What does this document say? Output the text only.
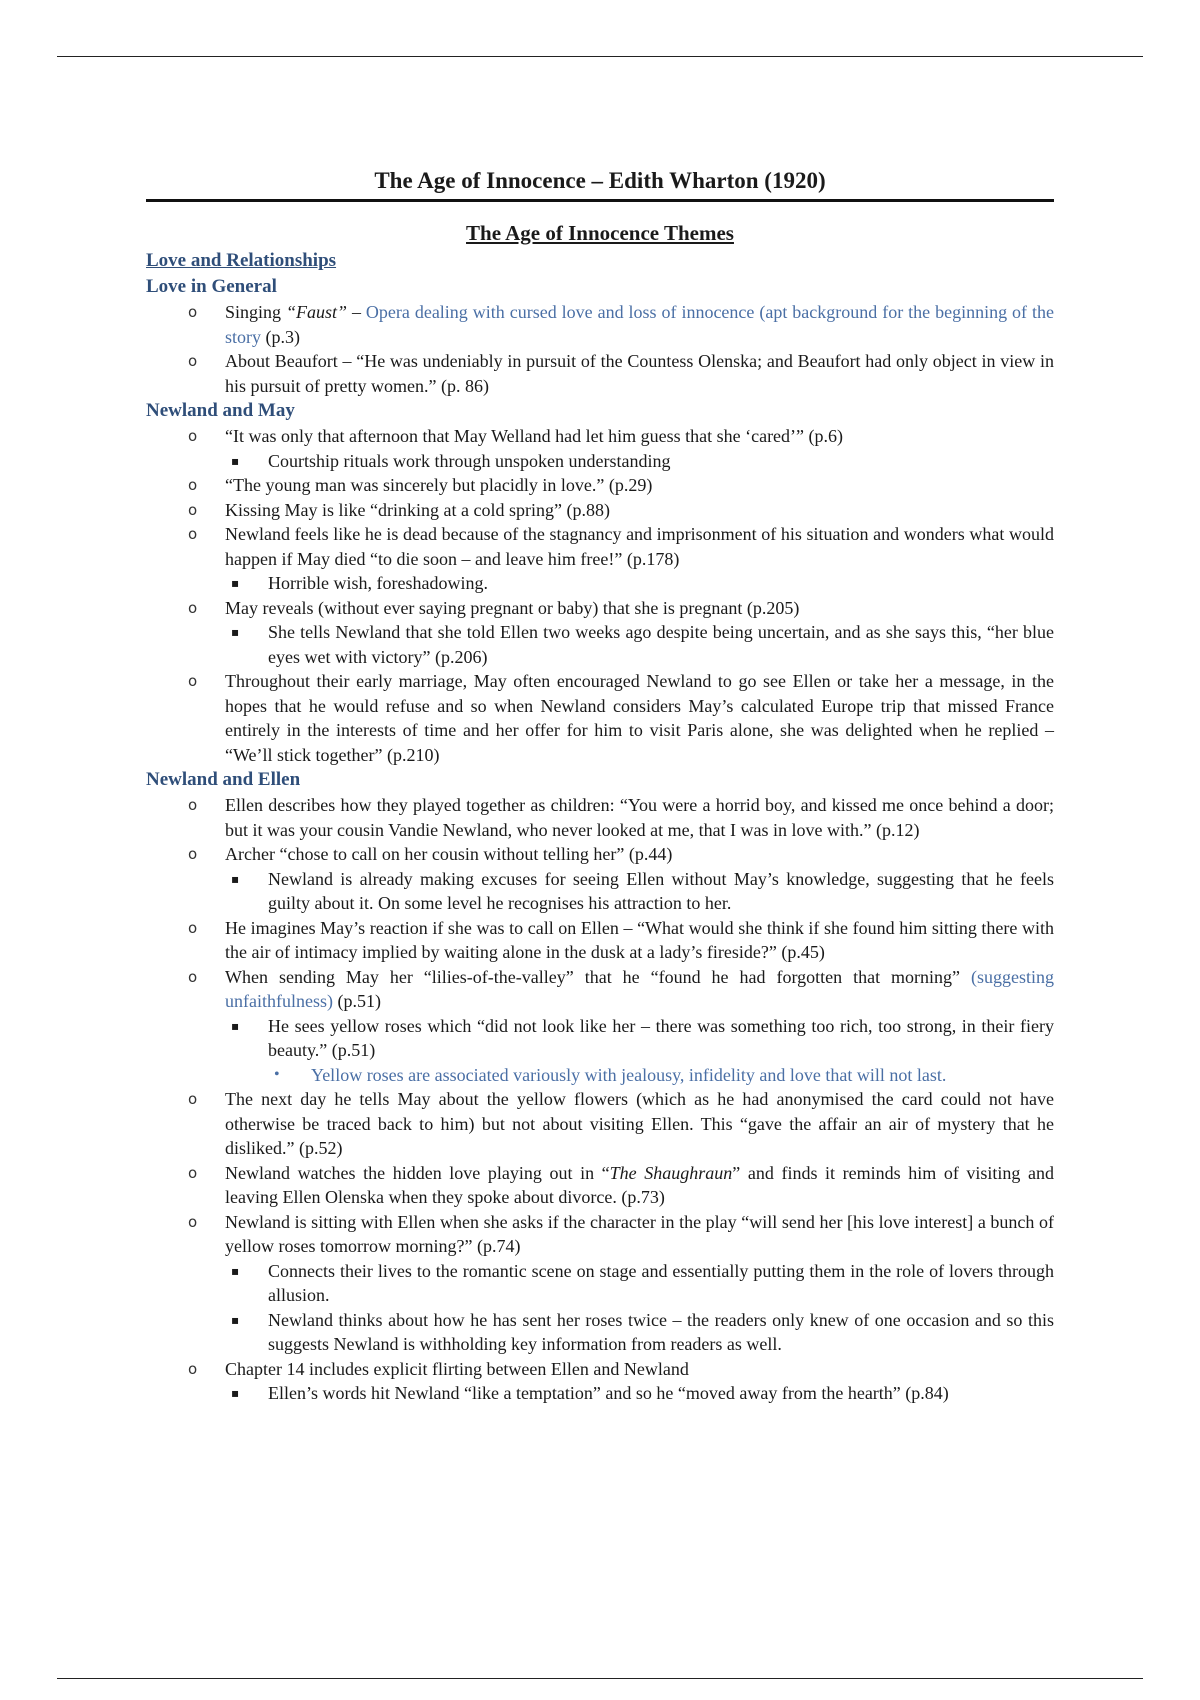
The Age of Innocence – Edith Wharton (1920)
The Age of Innocence Themes
Love and Relationships
Love in General
o Singing “Faust” – Opera dealing with cursed love and loss of innocence (apt background for the beginning of the story (p.3)
o About Beaufort – “He was undeniably in pursuit of the Countess Olenska; and Beaufort had only object in view in his pursuit of pretty women.” (p. 86)
Newland and May
o “It was only that afternoon that May Welland had let him guess that she ‘cared’” (p.6)
▪ Courtship rituals work through unspoken understanding
o “The young man was sincerely but placidly in love.” (p.29)
o Kissing May is like “drinking at a cold spring” (p.88)
o Newland feels like he is dead because of the stagnancy and imprisonment of his situation and wonders what would happen if May died “to die soon – and leave him free!” (p.178)
▪ Horrible wish, foreshadowing.
o May reveals (without ever saying pregnant or baby) that she is pregnant (p.205)
▪ She tells Newland that she told Ellen two weeks ago despite being uncertain, and as she says this, “her blue eyes wet with victory” (p.206)
o Throughout their early marriage, May often encouraged Newland to go see Ellen or take her a message, in the hopes that he would refuse and so when Newland considers May’s calculated Europe trip that missed France entirely in the interests of time and her offer for him to visit Paris alone, she was delighted when he replied – “We’ll stick together” (p.210)
Newland and Ellen
o Ellen describes how they played together as children: “You were a horrid boy, and kissed me once behind a door; but it was your cousin Vandie Newland, who never looked at me, that I was in love with.” (p.12)
o Archer “chose to call on her cousin without telling her” (p.44)
▪ Newland is already making excuses for seeing Ellen without May’s knowledge, suggesting that he feels guilty about it. On some level he recognises his attraction to her.
o He imagines May’s reaction if she was to call on Ellen – “What would she think if she found him sitting there with the air of intimacy implied by waiting alone in the dusk at a lady’s fireside?” (p.45)
o When sending May her “lilies-of-the-valley” that he “found he had forgotten that morning” (suggesting unfaithfulness) (p.51)
▪ He sees yellow roses which “did not look like her – there was something too rich, too strong, in their fiery beauty.” (p.51)
• Yellow roses are associated variously with jealousy, infidelity and love that will not last.
o The next day he tells May about the yellow flowers (which as he had anonymised the card could not have otherwise be traced back to him) but not about visiting Ellen. This “gave the affair an air of mystery that he disliked.” (p.52)
o Newland watches the hidden love playing out in “The Shaughraun” and finds it reminds him of visiting and leaving Ellen Olenska when they spoke about divorce. (p.73)
o Newland is sitting with Ellen when she asks if the character in the play “will send her [his love interest] a bunch of yellow roses tomorrow morning?” (p.74)
▪ Connects their lives to the romantic scene on stage and essentially putting them in the role of lovers through allusion.
▪ Newland thinks about how he has sent her roses twice – the readers only knew of one occasion and so this suggests Newland is withholding key information from readers as well.
o Chapter 14 includes explicit flirting between Ellen and Newland
▪ Ellen’s words hit Newland “like a temptation” and so he “moved away from the hearth” (p.84)
